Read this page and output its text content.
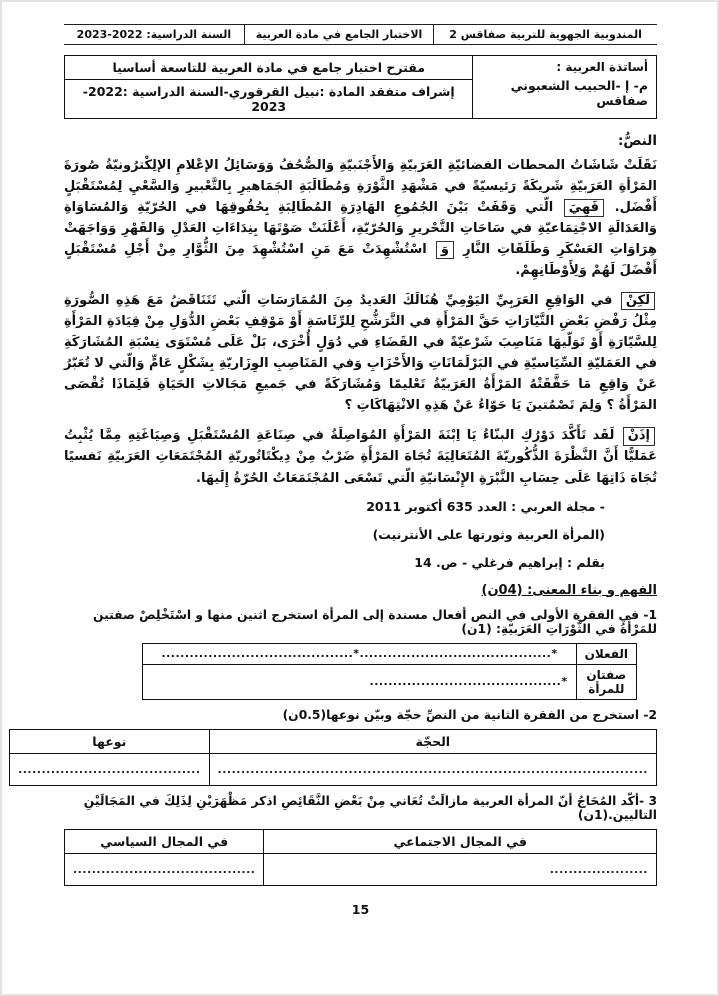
المندوبية الجهوية للتربية صفاقس 2
الاختبار الجامع في مادة العربية
السنة الدراسية: 2022-2023
أساتذة العربية :
م- إ -الحبيب الشعبوني صفاقس
	مقترح اختبار جامع في مادة العربية للتاسعة أساسيا
إشراف متفقد المادة :نبيل القرقوري-السنة الدراسية :2022-2023
النصُّ:

نَقَلَتْ شَاشَاتُ المحطات الفضائيّةِ العَرَبيّةِ وَالأَجْنَبيّةِ وَالصُّحُفُ وَوَسَائِلُ الإعْلامِ الإلِكْترُونيّةُ صُورَةَ المَرْأةِ العَرَبيّةِ شَريكَةً رَئيسيّةً في مَشْهَدِ الثَّوْرَةِ وَمُطَالَبَةِ الجَمَاهيرِ بِالتَّعْبيرِ وَالسَّعْيِ لِمُسْتَقْبَلٍ أَفْضَل. فَهِيَ الّتي وَقَفَتْ بَيْنَ الجُمُوعِ الهَادِرَةِ المُطَالِبَةِ بِحُقُوقِهَا في الحُرّيّةِ وَالمُسَاوَاةِ وَالعَدَالَةِ الاجْتِمَاعيّةِ في سَاحَاتِ التَّحْريرِ وَالحُرّيّةِ، أَعْلَنَتْ صَوْتَهَا بِنِدَاءَاتِ العَدْلِ وَالقَهْرِ وَوَاجَهَتْ هِرَاوَاتِ العَسْكَرِ وَطَلَقَاتِ النَّارِ وَ اسْتُشْهِدَتْ مَعَ مَنِ اسْتُشْهِدَ مِنَ الثُّوَّارِ مِنْ أَجْلِ مُسْتَقْبَلٍ أَفْضَلَ لَهُمْ وَلِأَوْطَانِهِمْ.

لَكِنْ في الوَاقِعِ العَرَبِيِّ اليَوْمِيِّ هُنَالَكَ العَديدُ مِنَ المُمَارَسَاتِ الّتي تَتَنَاقَضُ مَعَ هَذِهِ الصُّورَةِ مِثْلُ رَفْضِ بَعْضِ التَّيّارَاتِ حَقَّ المَرْأَةِ في التَّرَشُّحِ لِلرِّئَاسَةِ أَوْ مَوْقِفِ بَعْضِ الدُّوَلِ مِنْ قِيَادَةِ المَرْأَةِ لِلسَّيّارَةِ أَوْ تَوَلّيهَا مَنَاصِبَ شَرْعيّةً في القَضَاءِ في دُوَلٍ أُخْرَى، بَلْ عَلَى مُسْتَوَى نِسْبَةِ المُشَارَكَةِ في العَمَليّةِ السِّيَاسيّةِ في البَرْلَمَانَاتِ وَالأَحْزَابِ وَفي المَنَاصِبِ الوِزَاريّةِ بِشَكْلٍ عَامٍّ وَالّتي لا تُعَبّرُ عَنْ وَاقِعِ مَا حَقَّقَتْهُ المَرْأَةُ العَرَبيّةُ تَعْليمًا وَمُشَارَكَةً في جَميعِ مَجَالاتِ الحَيَاةِ فَلِمَاذَا تُقْصَى المَرْأَةُ ؟ وَلِمَ تَصْمُتينَ يَا حَوّاءُ عَنْ هَذِهِ الانْتِهَاكَاتِ ؟

إذَنْ لَقَد تَأَكَّدَ دَوْرُكِ البنّاءُ يَا اِبْنَةَ المَرْأَةِ المُوَاصِلَةُ في صِنَاعَةِ المُسْتَقْبَلِ وَصِيَاغَتِهِ مِمَّا يُثْبِتُ عَمَليًّا أَنَّ النَّظْرَةَ الذُّكُوريّةَ المُتَعَالِيَةَ تُجَاهَ المَرْأَةِ ضَرْبٌ مِنْ دِيكْتَاتُوريّةِ المُجْتَمَعَاتِ العَرَبيّةِ نَفسيًا تُجَاهَ ذَاتِهَا عَلَى حِسَابِ النَّبْرَةِ الإِنْسَانيّةِ الّتي تَسْعَى المُجْتَمَعَاتُ الحُرّةُ إِلَيهَا.

- مجلة العربي : العدد 635 أكتوبر 2011
(المرأة العربية وثورتها على الأنترنيت)
بقلم : إبراهيم فرغلي - ص. 14
الفهم و بناء المعنى: (04ن)
1- في الفقرة الأولى في النص أفعال مسندة إلى المرأة استخرج اثنين منها و اسْتَخْلِصْ صفتين للمَرْأَةُ في الثَّوْرَاتِ العَرَبيّةِ: (1ن)
الفعلان	*.........................................
*.........................................

صفتان للمرأة	*.........................................
2- استخرج من الفقرة الثانية من النصِّ حجّة وبيّن نوعها(0.5ن)
الحجّة	نوعها
............................................................................................	.......................................
3 -أكّد المُحَاجُ أنّ المرأة العربية مازالَتْ تُعَاني مِنْ بَعْضِ النَّقَائِصِ اذكر مَظْهَرَيْنِ لِذَلِكَ في المَجَالَيْنِ التاليين.(1ن)
في المجال الاجتماعي	في المجال السياسي
.....................	.......................................
15
